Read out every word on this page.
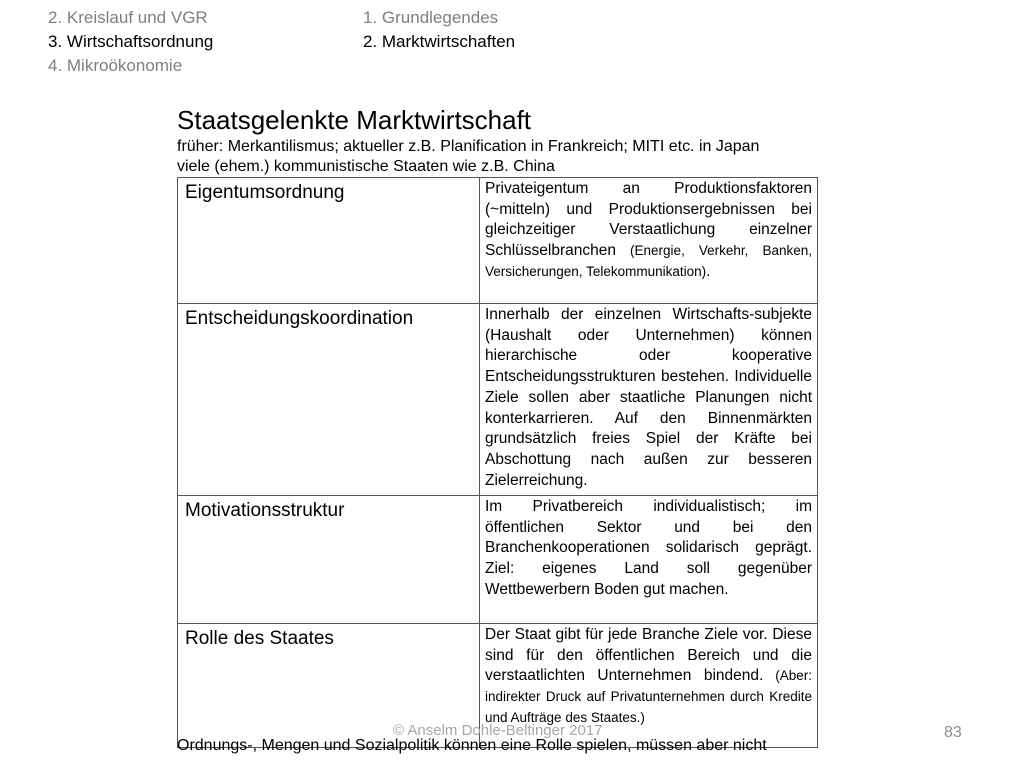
2. Kreislauf und VGR
3. Wirtschaftsordnung
4. Mikroökonomie
1. Grundlegendes
2. Marktwirtschaften
Staatsgelenkte Marktwirtschaft
früher: Merkantilismus; aktueller z.B. Planification in Frankreich; MITI etc. in Japan
viele (ehem.) kommunistische Staaten wie z.B. China
Eigentumsordnung	Privateigentum an Produktionsfaktoren (~mitteln) und Produktionsergebnissen bei gleichzeitiger Verstaatlichung einzelner Schlüsselbranchen (Energie, Verkehr, Banken, Versicherungen, Telekommunikation).
Entscheidungskoordination	Innerhalb der einzelnen Wirtschafts-subjekte (Haushalt oder Unternehmen) können hierarchische oder kooperative Entscheidungsstrukturen bestehen. Individuelle Ziele sollen aber staatliche Planungen nicht konterkarrieren. Auf den Binnenmärkten grundsätzlich freies Spiel der Kräfte bei Abschottung nach außen zur besseren Zielerreichung.
Motivationsstruktur	Im Privatbereich individualistisch; im öffentlichen Sektor und bei den Branchenkooperationen solidarisch geprägt. Ziel: eigenes Land soll gegenüber Wettbewerbern Boden gut machen.
Rolle des Staates	Der Staat gibt für jede Branche Ziele vor. Diese sind für den öffentlichen Bereich und die verstaatlichten Unternehmen bindend. (Aber: indirekter Druck auf Privatunternehmen durch Kredite und Aufträge des Staates.)
© Anselm Dohle-Beltinger 2017
Ordnungs-, Mengen und Sozialpolitik können eine Rolle spielen, müssen aber nicht
83
